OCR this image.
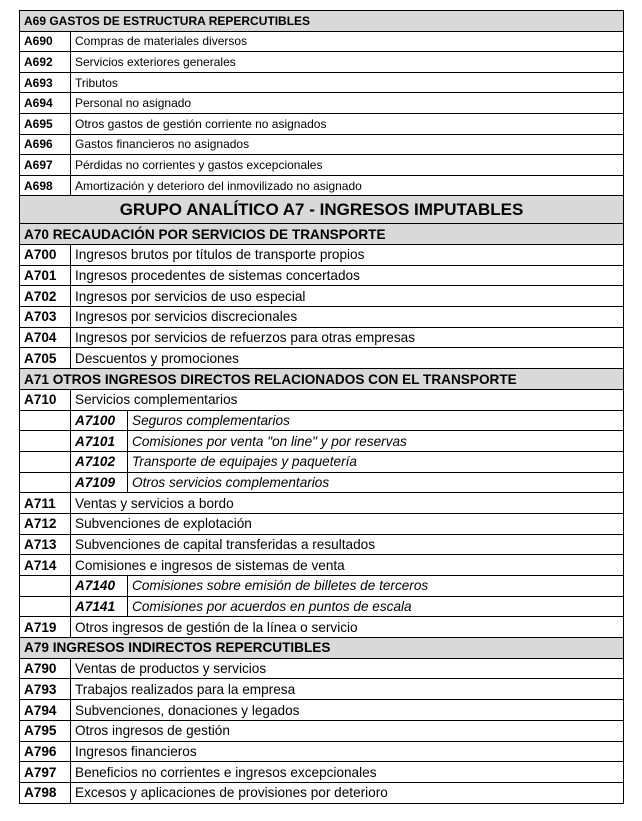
A69 GASTOS DE ESTRUCTURA REPERCUTIBLES
A690	Compras de materiales diversos
A692	Servicios exteriores generales
A693	Tributos
A694	Personal no asignado
A695	Otros gastos de gestión corriente no asignados
A696	Gastos financieros no asignados
A697	Pérdidas no corrientes y gastos excepcionales
A698	Amortización y deterioro del inmovilizado no asignado
GRUPO ANALÍTICO A7 - INGRESOS IMPUTABLES
A70 RECAUDACIÓN POR SERVICIOS DE TRANSPORTE
A700	Ingresos brutos por títulos de transporte propios
A701	Ingresos procedentes de sistemas concertados
A702	Ingresos por servicios de uso especial
A703	Ingresos por servicios discrecionales
A704	Ingresos por servicios de refuerzos para otras empresas
A705	Descuentos y promociones
A71 OTROS INGRESOS DIRECTOS RELACIONADOS CON EL TRANSPORTE
A710	Servicios complementarios
A7100	Seguros complementarios
A7101	Comisiones por venta "on line" y por reservas
A7102	Transporte de equipajes y paquetería
A7109	Otros servicios complementarios
A711	Ventas y servicios a bordo
A712	Subvenciones de explotación
A713	Subvenciones de capital transferidas a resultados
A714	Comisiones e ingresos de sistemas de venta
A7140	Comisiones sobre emisión de billetes de terceros
A7141	Comisiones por acuerdos en puntos de escala
A719	Otros ingresos de gestión de la línea o servicio
A79 INGRESOS INDIRECTOS REPERCUTIBLES
A790	Ventas de productos y servicios
A793	Trabajos realizados para la empresa
A794	Subvenciones, donaciones y legados
A795	Otros ingresos de gestión
A796	Ingresos financieros
A797	Beneficios no corrientes e ingresos excepcionales
A798	Excesos y aplicaciones de provisiones por deterioro
